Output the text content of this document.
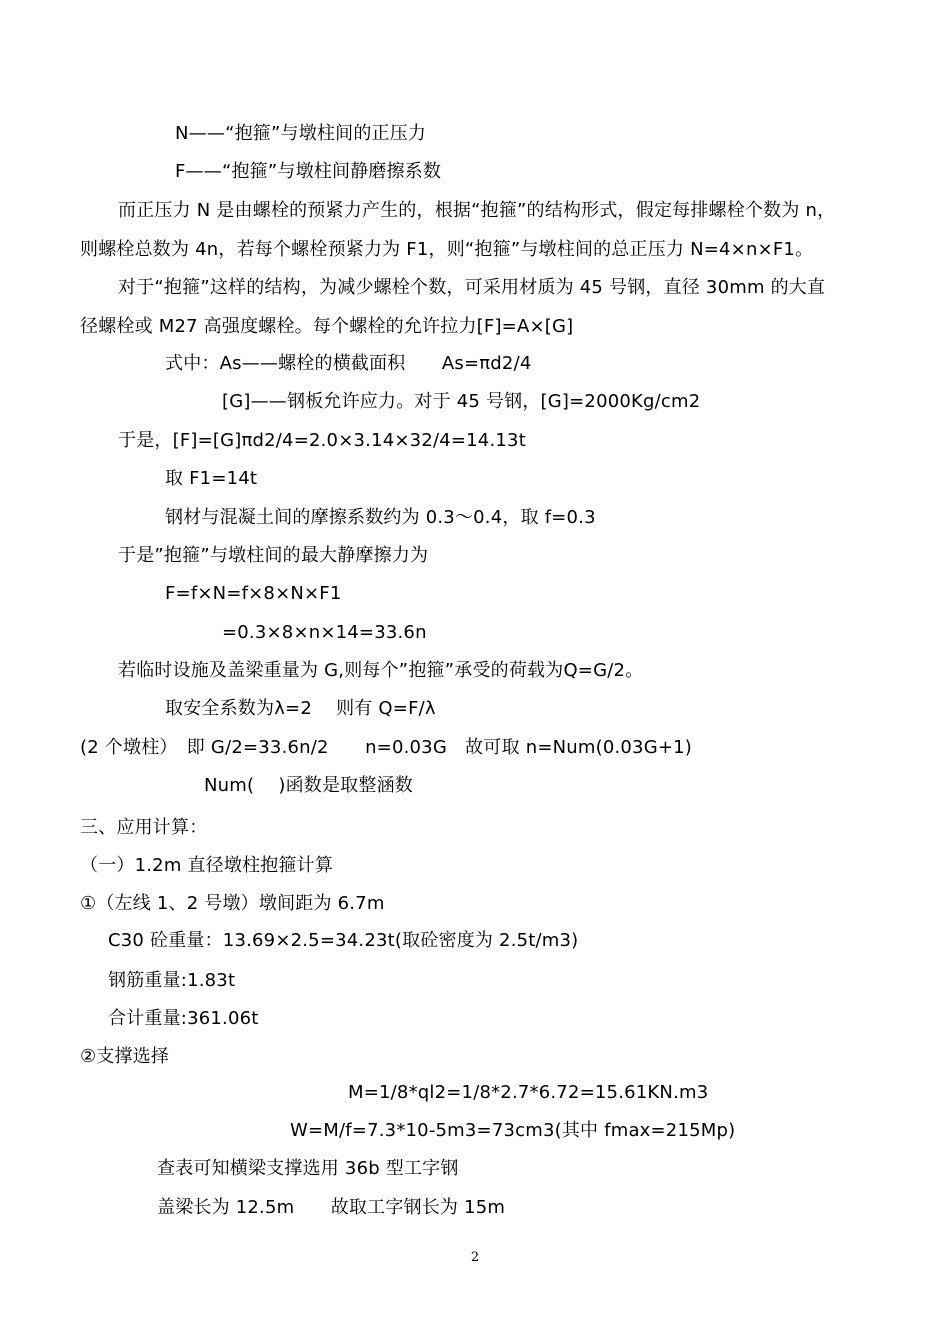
N——“抱箍”与墩柱间的正压力
F——“抱箍”与墩柱间静磨擦系数
而正压力 N 是由螺栓的预紧力产生的，根据“抱箍”的结构形式，假定每排螺栓个数为 n，
则螺栓总数为 4n，若每个螺栓预紧力为 F1，则“抱箍”与墩柱间的总正压力 N=4×n×F1。
对于“抱箍”这样的结构，为减少螺栓个数，可采用材质为 45 号钢，直径 30mm 的大直
径螺栓或 M27 高强度螺栓。每个螺栓的允许拉力[F]=A×[G]
式中：As——螺栓的横截面积　　As=πd2/4
[G]——钢板允许应力。对于 45 号钢，[G]=2000Kg/cm2
于是，[F]=[G]πd2/4=2.0×3.14×32/4=14.13t
取 F1=14t
钢材与混凝土间的摩擦系数约为 0.3～0.4，取 f=0.3
于是”抱箍”与墩柱间的最大静摩擦力为
F=f×N=f×8×N×F1
=0.3×8×n×14=33.6n
若临时设施及盖梁重量为 G,则每个”抱箍”承受的荷载为Q=G/2。
取安全系数为λ=2　 则有 Q=F/λ
(2 个墩柱）　即 G/2=33.6n/2　　n=0.03G　故可取 n=Num(0.03G+1)
Num(　 )函数是取整涵数
三、应用计算：
（一）1.2m 直径墩柱抱箍计算
①（左线 1、2 号墩）墩间距为 6.7m
C30 砼重量：13.69×2.5=34.23t(取砼密度为 2.5t/m3)
钢筋重量:1.83t
合计重量:361.06t
②支撑选择
M=1/8*ql2=1/8*2.7*6.72=15.61KN.m3
W=M/f=7.3*10-5m3=73cm3(其中 fmax=215Mp)
查表可知横梁支撑选用 36b 型工字钢
盖梁长为 12.5m　　故取工字钢长为 15m
2
